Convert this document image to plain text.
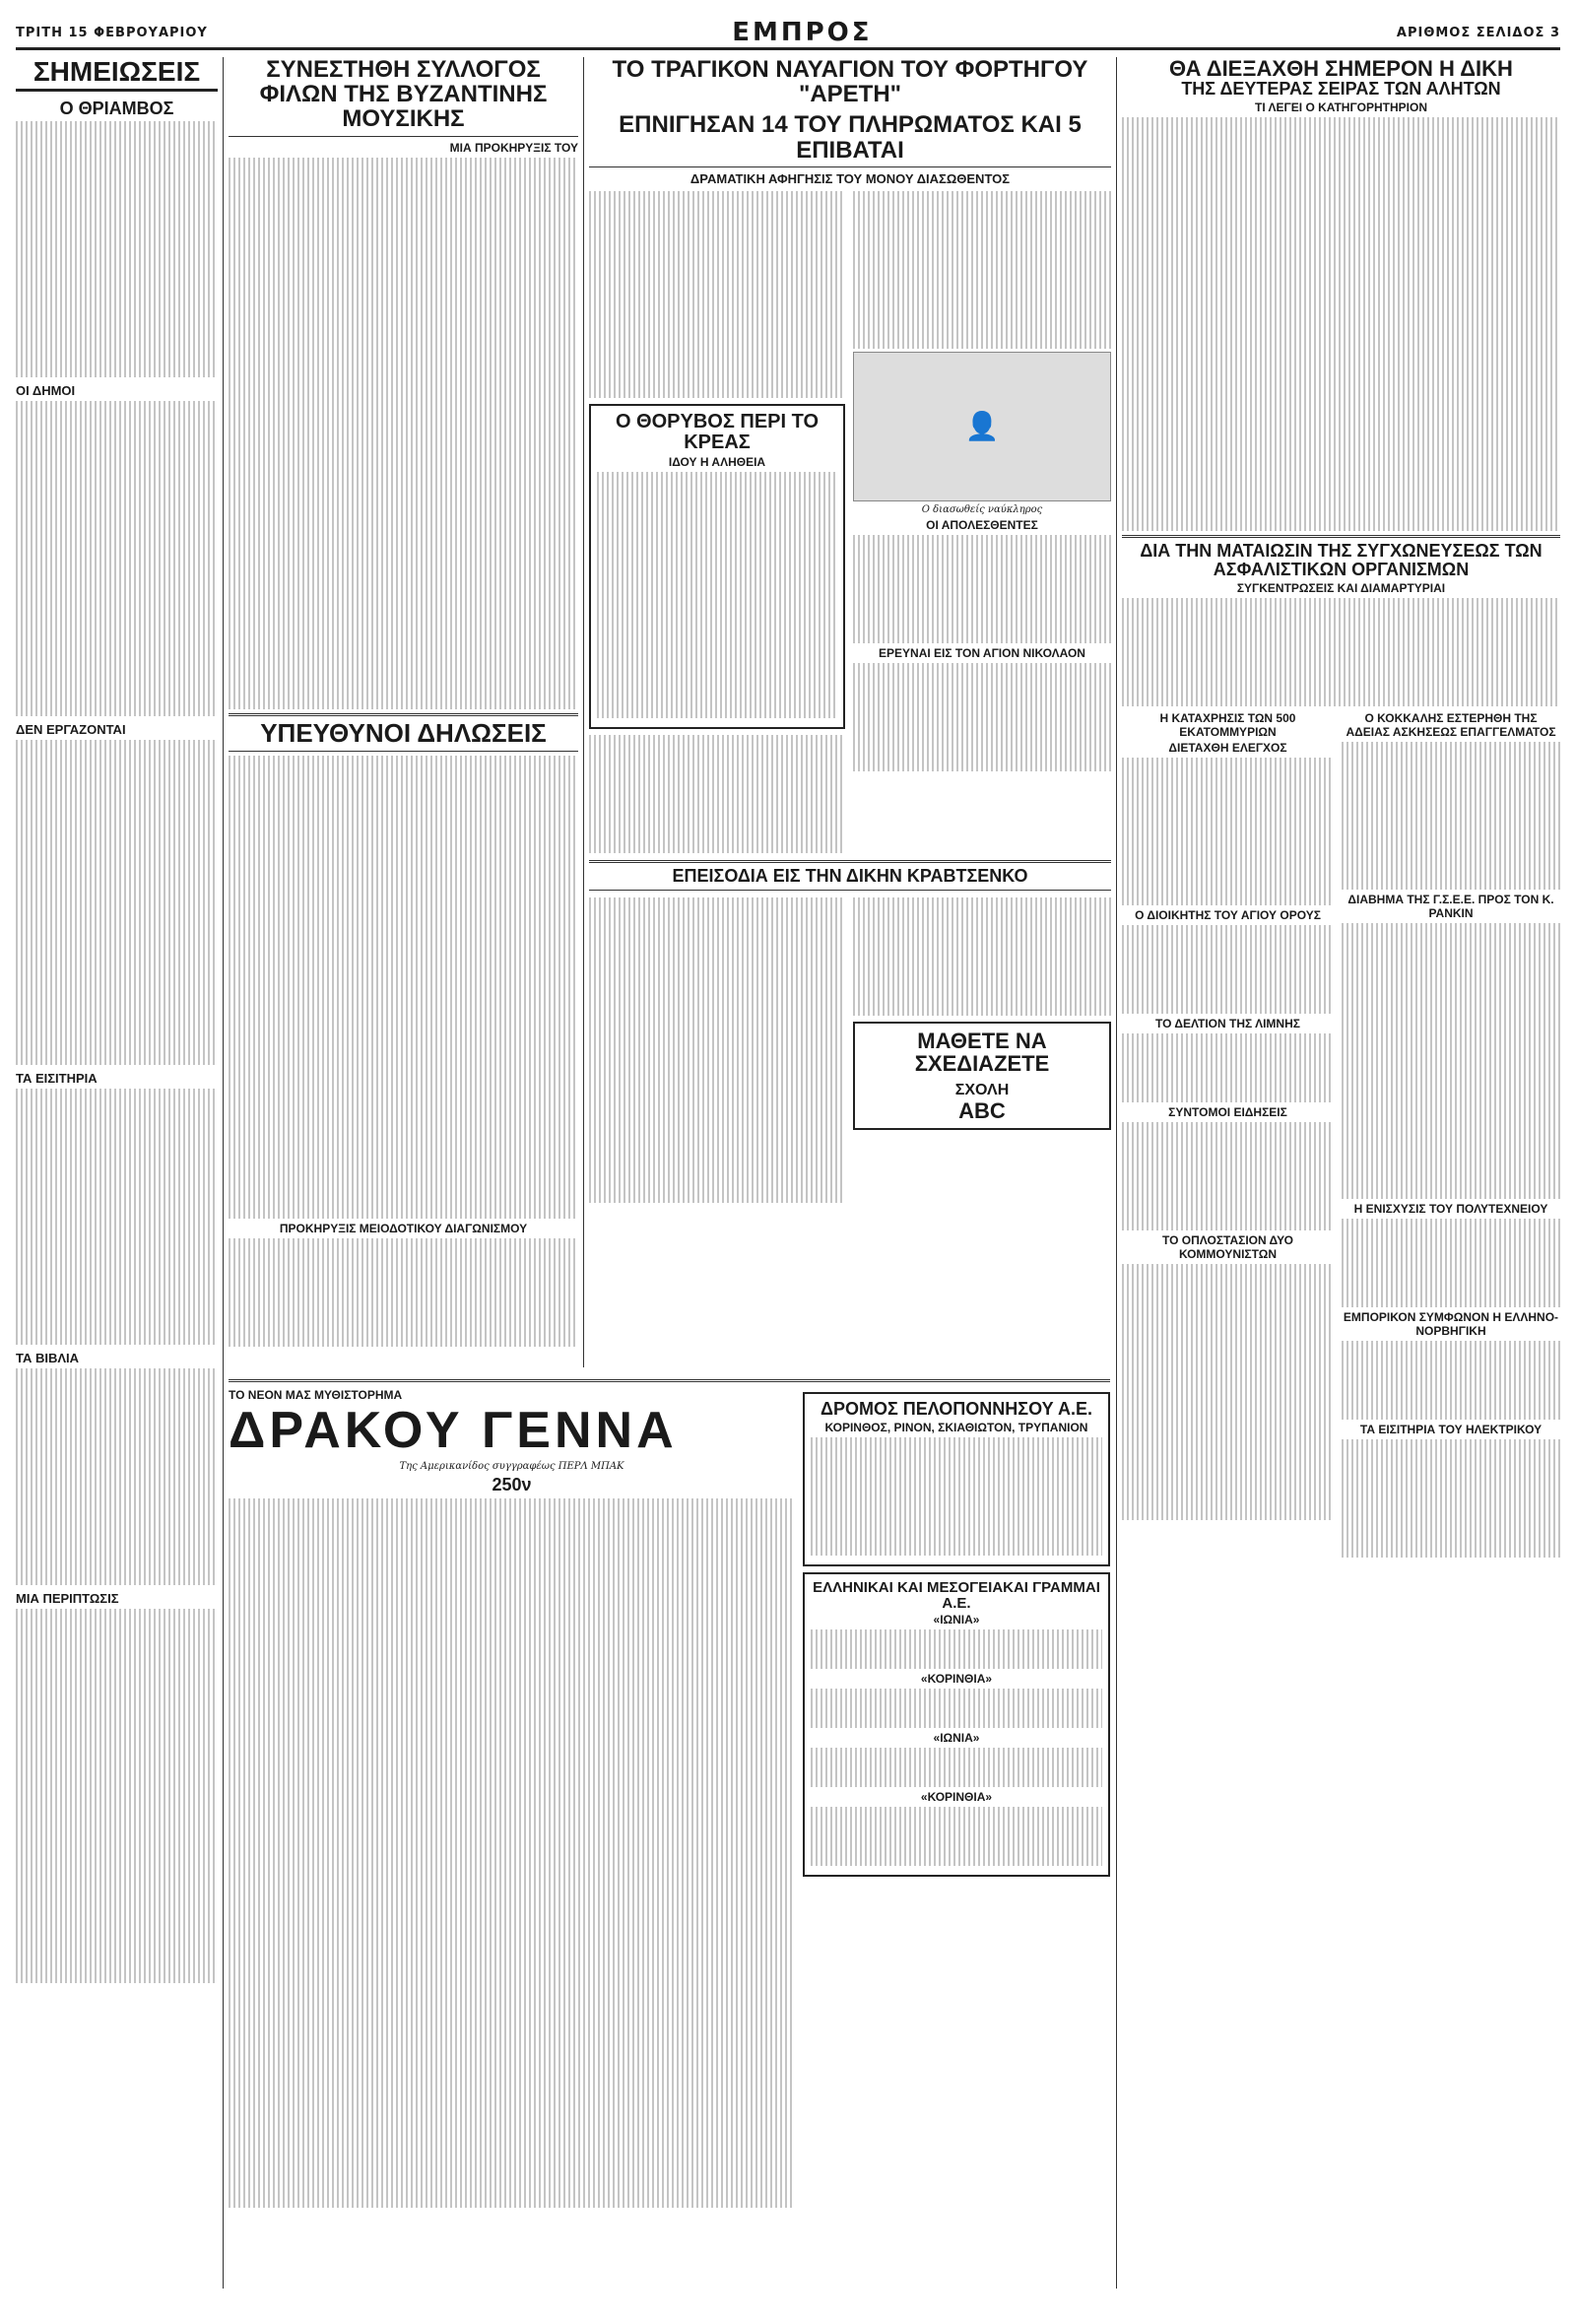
ΤΡΙΤΗ 15 ΦΕΒΡΟΥΑΡΙΟΥ	ΕΜΠΡΟΣ	ΑΡΙΘΜΟΣ ΣΕΛΙΔΟΣ 3
ΣΗΜΕΙΩΣΕΙΣ
Ο ΘΡΙΑΜΒΟΣ
ΟΙ ΔΗΜΟΙ
ΔΕΝ ΕΡΓΑΖΟΝΤΑΙ
ΤΑ ΕΙΣΙΤΗΡΙΑ
ΤΑ ΒΙΒΛΙΑ
ΜΙΑ ΠΕΡΙΠΤΩΣΙΣ
ΣΥΝΕΣΤΗΘΗ ΣΥΛΛΟΓΟΣ ΦΙΛΩΝ ΤΗΣ ΒΥΖΑΝΤΙΝΗΣ ΜΟΥΣΙΚΗΣ
ΜΙΑ ΠΡΟΚΗΡΥΞΙΣ ΤΟΥ
ΥΠΕΥΘΥΝΟΙ ΔΗΛΩΣΕΙΣ
ΠΡΟΚΗΡΥΞΙΣ ΜΕΙΟΔΟΤΙΚΟΥ ΔΙΑΓΩΝΙΣΜΟΥ
ΤΟ ΤΡΑΓΙΚΟΝ ΝΑΥΑΓΙΟΝ ΤΟΥ ΦΟΡΤΗΓΟΥ "ΑΡΕΤΗ"
ΕΠΝΙΓΗΣΑΝ 14 ΤΟΥ ΠΛΗΡΩΜΑΤΟΣ ΚΑΙ 5 ΕΠΙΒΑΤΑΙ
ΔΡΑΜΑΤΙΚΗ ΑΦΗΓΗΣΙΣ ΤΟΥ ΜΟΝΟΥ ΔΙΑΣΩΘΕΝΤΟΣ
Ο ΘΟΡΥΒΟΣ ΠΕΡΙ ΤΟ ΚΡΕΑΣ
ΙΔΟΥ Η ΑΛΗΘΕΙΑ
👤
Ο διασωθείς ναύκληρος
ΟΙ ΑΠΟΛΕΣΘΕΝΤΕΣ
ΕΡΕΥΝΑΙ ΕΙΣ ΤΟΝ ΑΓΙΟΝ ΝΙΚΟΛΑΟΝ
ΕΠΕΙΣΟΔΙΑ ΕΙΣ ΤΗΝ ΔΙΚΗΝ ΚΡΑΒΤΣΕΝΚΟ
ΜΑΘΕΤΕ ΝΑ ΣΧΕΔΙΑΖΕΤΕ
ΣΧΟΛΗ
ABC
ΤΟ ΝΕΟΝ ΜΑΣ ΜΥΘΙΣΤΟΡΗΜΑ
ΔΡΑΚΟΥ ΓΕΝΝΑ
Της Αμερικανίδος συγγραφέως ΠΕΡΛ ΜΠΑΚ
250ν
ΔΡΟΜΟΣ ΠΕΛΟΠΟΝΝΗΣΟΥ Α.Ε.
ΚΟΡΙΝΘΟΣ, ΡΙΝΟΝ, ΣΚΙΑΘΙΩΤΟΝ, ΤΡΥΠΑΝΙΟΝ
ΕΛΛΗΝΙΚΑΙ ΚΑΙ ΜΕΣΟΓΕΙΑΚΑΙ ΓΡΑΜΜΑΙ Α.Ε.
«ΙΩΝΙΑ»
«ΚΟΡΙΝΘΙΑ»
«ΙΩΝΙΑ»
«ΚΟΡΙΝΘΙΑ»
ΘΑ ΔΙΕΞΑΧΘΗ ΣΗΜΕΡΟΝ Η ΔΙΚΗ
ΤΗΣ ΔΕΥΤΕΡΑΣ ΣΕΙΡΑΣ ΤΩΝ ΑΛΗΤΩΝ
ΤΙ ΛΕΓΕΙ Ο ΚΑΤΗΓΟΡΗΤΗΡΙΟΝ
ΔΙΑ ΤΗΝ ΜΑΤΑΙΩΣΙΝ ΤΗΣ ΣΥΓΧΩΝΕΥΣΕΩΣ ΤΩΝ ΑΣΦΑΛΙΣΤΙΚΩΝ ΟΡΓΑΝΙΣΜΩΝ
ΣΥΓΚΕΝΤΡΩΣΕΙΣ ΚΑΙ ΔΙΑΜΑΡΤΥΡΙΑΙ
Η ΚΑΤΑΧΡΗΣΙΣ ΤΩΝ 500 ΕΚΑΤΟΜΜΥΡΙΩΝ
ΔΙΕΤΑΧΘΗ ΕΛΕΓΧΟΣ
Ο ΔΙΟΙΚΗΤΗΣ ΤΟΥ ΑΓΙΟΥ ΟΡΟΥΣ
ΤΟ ΔΕΛΤΙΟΝ ΤΗΣ ΛΙΜΝΗΣ
ΣΥΝΤΟΜΟΙ ΕΙΔΗΣΕΙΣ
ΤΟ ΟΠΛΟΣΤΑΣΙΟΝ ΔΥΟ ΚΟΜΜΟΥΝΙΣΤΩΝ
Ο ΚΟΚΚΑΛΗΣ ΕΣΤΕΡΗΘΗ ΤΗΣ ΑΔΕΙΑΣ ΑΣΚΗΣΕΩΣ ΕΠΑΓΓΕΛΜΑΤΟΣ
ΔΙΑΒΗΜΑ ΤΗΣ Γ.Σ.Ε.Ε. ΠΡΟΣ ΤΟΝ Κ. ΡΑΝΚΙΝ
Η ΕΝΙΣΧΥΣΙΣ ΤΟΥ ΠΟΛΥΤΕΧΝΕΙΟΥ
ΕΜΠΟΡΙΚΟΝ ΣΥΜΦΩΝΟΝ Η ΕΛΛΗΝΟ-ΝΟΡΒΗΓΙΚΗ
ΤΑ ΕΙΣΙΤΗΡΙΑ ΤΟΥ ΗΛΕΚΤΡΙΚΟΥ
